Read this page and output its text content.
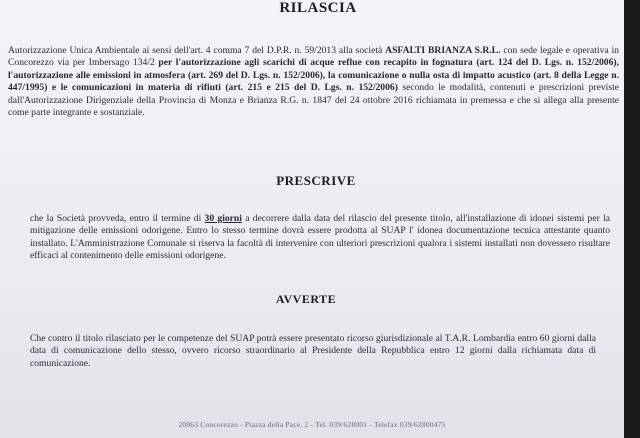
RILASCIA
Autorizzazione Unica Ambientale ai sensi dell'art. 4 comma 7 del D.P.R. n. 59/2013 alla società ASFALTI BRIANZA S.R.L. con sede legale e operativa in Concorezzo via per Imbersago 134/2 per l'autorizzazione agli scarichi di acque reflue con recapito in fognatura (art. 124 del D. Lgs. n. 152/2006), l'autorizzazione alle emissioni in atmosfera (art. 269 del D. Lgs. n. 152/2006), la comunicazione o nulla osta di impatto acustico (art. 8 della Legge n. 447/1995) e le comunicazioni in materia di rifiuti (art. 215 e 215 del D. Lgs. n. 152/2006) secondo le modalità, contenuti e prescrizioni previste dall'Autorizzazione Dirigenziale della Provincia di Monza e Brianza R.G. n. 1847 del 24 ottobre 2016 richiamata in premessa e che si allega alla presente come parte integrante e sostanziale.
PRESCRIVE
che la Società provveda, entro il termine di 30 giorni a decorrere dalla data del rilascio del presente titolo, all'installazione di idonei sistemi per la mitigazione delle emissioni odorigene. Entro lo stesso termine dovrà essere prodotta al SUAP l' idonea documentazione tecnica attestante quanto installato. L'Amministrazione Comunale si riserva la facoltà di intervenire con ulteriori prescrizioni qualora i sistemi installati non dovessero risultare efficaci al contenimento delle emissioni odorigene.
AVVERTE
Che contro il titolo rilasciato per le competenze del SUAP potrà essere presentato ricorso giurisdizionale al T.A.R. Lombardia entro 60 giorni dalla data di comunicazione dello stesso, ovvero ricorso straordinario al Presidente della Repubblica entro 12 giorni dalla richiamata data di comunicazione.
20863 Concorezzo - Piazza della Pace, 2 - Tel. 039/628001 - Telefax 039/62800475
